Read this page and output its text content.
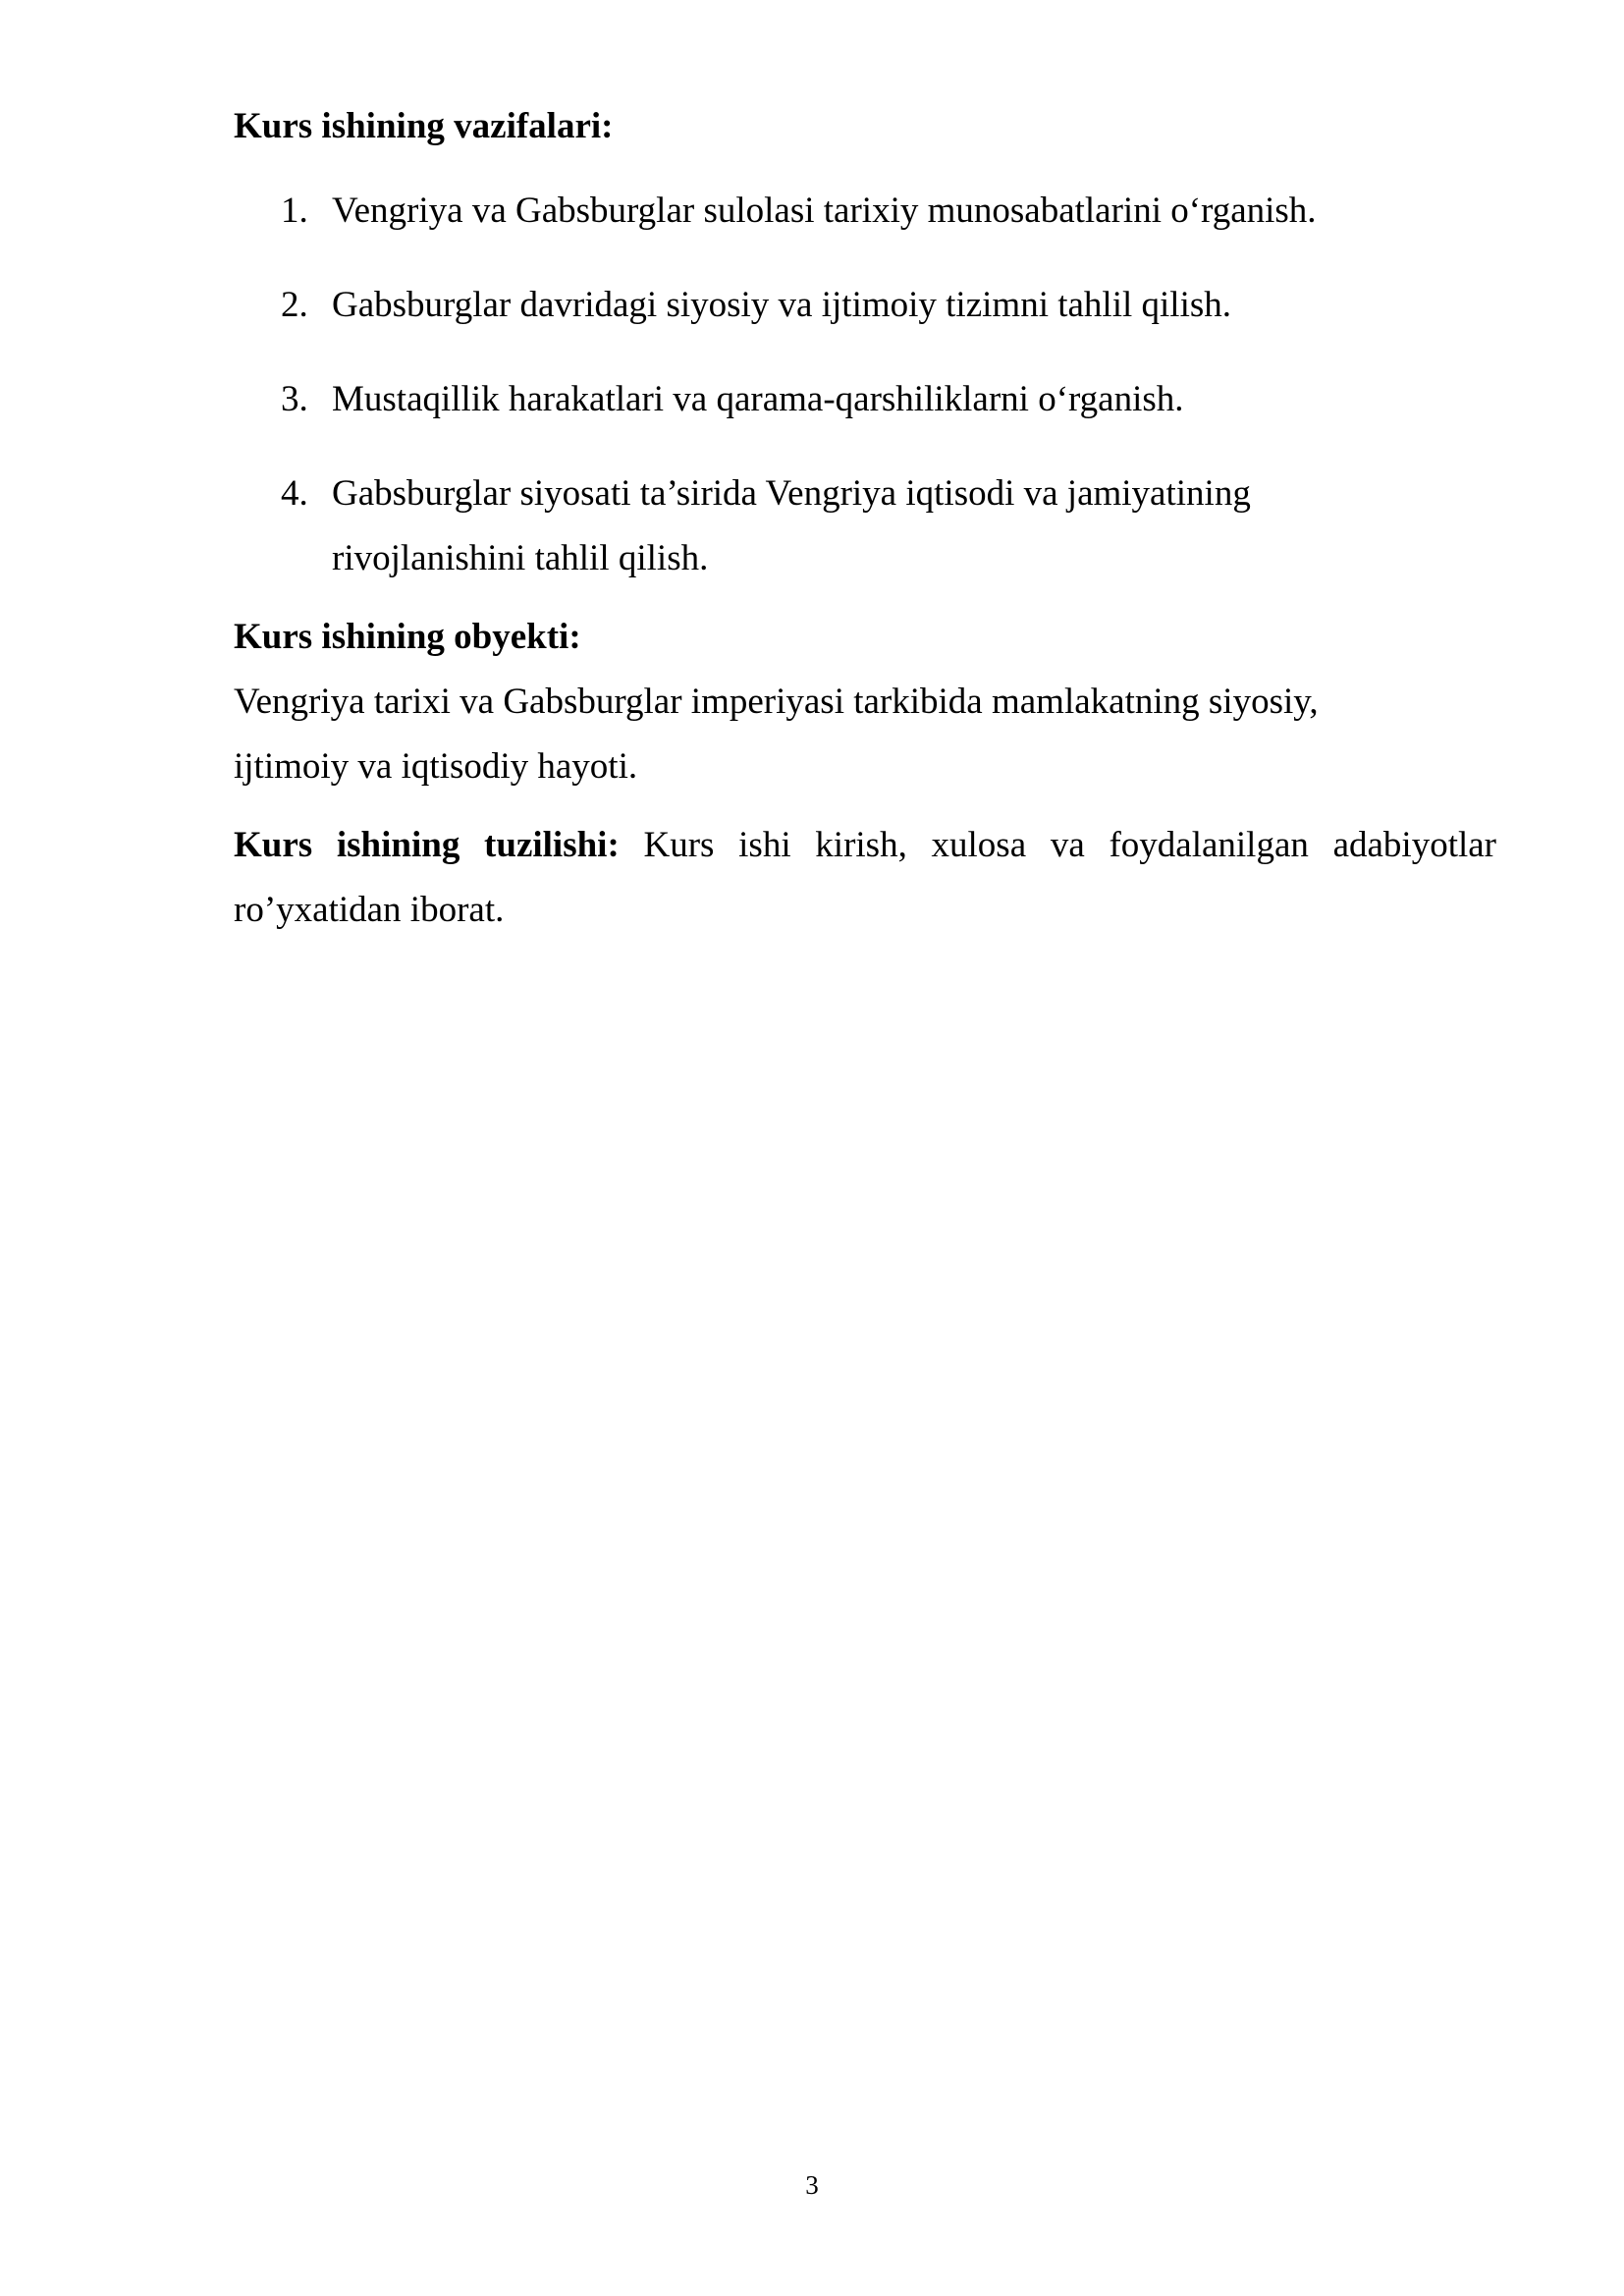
Kurs ishining vazifalari:

1. Vengriya va Gabsburglar sulolasi tarixiy munosabatlarini o‘rganish.
2. Gabsburglar davridagi siyosiy va ijtimoiy tizimni tahlil qilish.
3. Mustaqillik harakatlari va qarama-qarshiliklarni o‘rganish.
4. Gabsburglar siyosati ta’sirida Vengriya iqtisodi va jamiyatining rivojlanishini tahlil qilish.

Kurs ishining obyekti:

Vengriya tarixi va Gabsburglar imperiyasi tarkibida mamlakatning siyosiy, ijtimoiy va iqtisodiy hayoti.

Kurs ishining tuzilishi: Kurs ishi kirish, xulosa va foydalanilgan adabiyotlar ro’yxatidan iborat.

3
